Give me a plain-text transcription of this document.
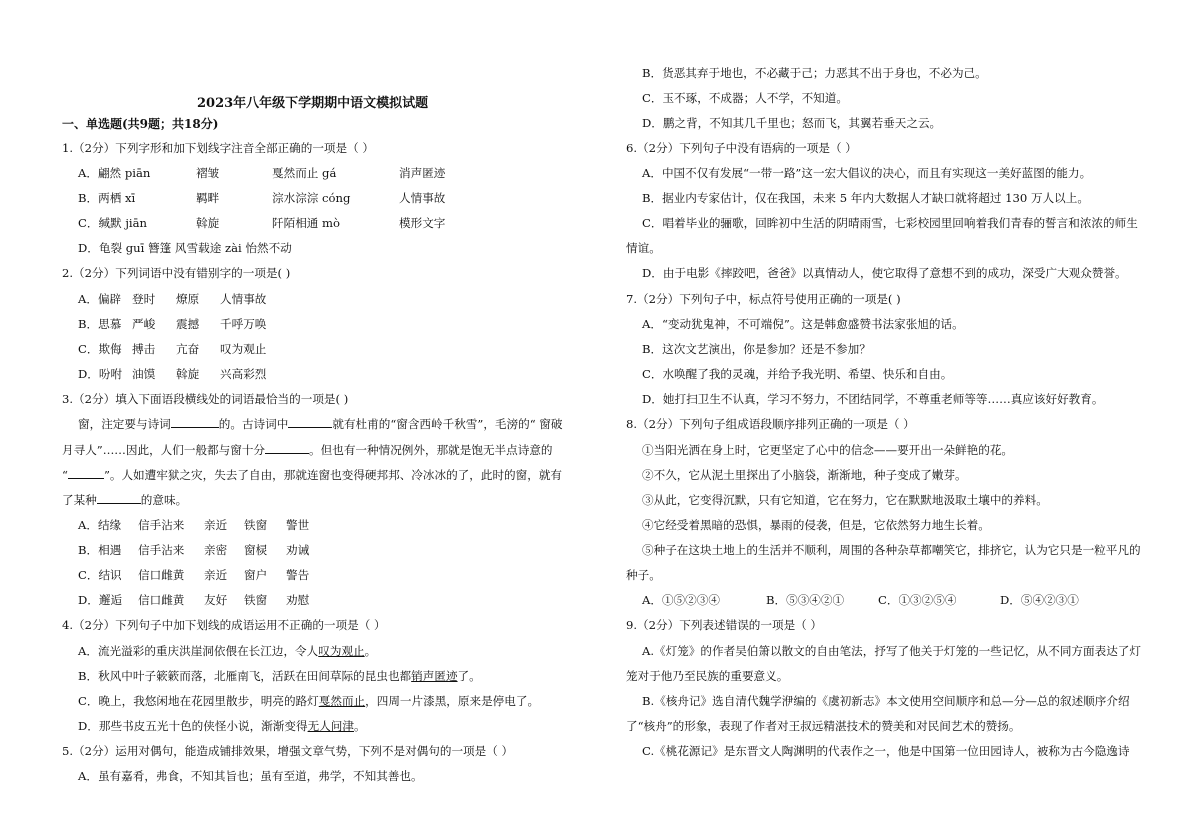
2023年八年级下学期期中语文模拟试题
一、单选题(共9题；共18分)
1.（2分）下列字形和加下划线字注音全部正确的一项是（ ）
A．翩然 piān	褶皱	戛然而止 gá	消声匿迹
B．两栖 xī	羁畔	淙水淙淙 cóng	人情事故
C．缄默 jiān	斡旋	阡陌相通 mò	模形文字
D．龟裂 guī 簪篷 风雪载途 zài 怡然不动
2.（2分）下列词语中没有错别字的一项是( )
A．偏辟 登时 燎原 人情事故
B．思慕 严峻 震撼 千呼万唤
C．欺侮 搏击 亢奋 叹为观止
D．吩咐 油馍 斡旋 兴高彩烈
3.（2分）填入下面语段横线处的词语最恰当的一项是( )
窗，注定要与诗词	的。古诗词中	就有杜甫的“窗含西岭千秋雪”，毛滂的“ 窗破
月寻人”……因此，人们一般都与窗十分	。但也有一种情况例外，那就是饱无半点诗意的
“	”。人如遭牢狱之灾，失去了自由，那就连窗也变得硬邦邦、冷冰冰的了，此时的窗，就有
了某种	的意味。
A．结缘 信手沾来 亲近 铁窗 警世
B．相遇 信手沾来 亲密 窗棂 劝诫
C．结识 信口雌黄 亲近 窗户 警告
D．邂逅 信口雌黄 友好 铁窗 劝慰
4.（2分）下列句子中加下划线的成语运用不正确的一项是（ ）
A．流光溢彩的重庆洪崖洞依偎在长江边，令人叹为观止。
B．秋风中叶子簌簌而落，北雁南飞，活跃在田间草际的昆虫也都销声匿迹了。
C．晚上，我悠闲地在花园里散步，明亮的路灯戛然而止，四周一片漆黑，原来是停电了。
D．那些书皮五光十色的侠怪小说，渐渐变得无人问津。
5.（2分）运用对偶句，能造成铺排效果，增强文章气势，下列不是对偶句的一项是（ ）
A．虽有嘉肴，弗食，不知其旨也；虽有至道，弗学，不知其善也。
B．货恶其弃于地也，不必藏于己；力恶其不出于身也，不必为己。
C．玉不琢，不成器；人不学，不知道。
D．鹏之背，不知其几千里也；怒而飞，其翼若垂天之云。
6.（2分）下列句子中没有语病的一项是（ ）
A．中国不仅有发展“一带一路”这一宏大倡议的决心，而且有实现这一美好蓝图的能力。
B．据业内专家估计，仅在我国，未来 5 年内大数据人才缺口就将超过 130 万人以上。
C．唱着毕业的骊歌，回眸初中生活的阴晴雨雪，七彩校园里回响着我们青春的誓言和浓浓的师生
情谊。
D．由于电影《摔跤吧，爸爸》以真情动人，使它取得了意想不到的成功，深受广大观众赞誉。
7.（2分）下列句子中，标点符号使用正确的一项是( )
A．“变动犹鬼神，不可端倪”。这是韩愈盛赞书法家张旭的话。
B．这次文艺演出，你是参加？还是不参加？
C．水唤醒了我的灵魂，并给予我光明、希望、快乐和自由。
D．她打扫卫生不认真，学习不努力，不团结同学，不尊重老师等等……真应该好好教育。
8.（2分）下列句子组成语段顺序排列正确的一项是（ ）
①当阳光洒在身上时，它更坚定了心中的信念——要开出一朵鲜艳的花。
②不久，它从泥土里探出了小脑袋，渐渐地，种子变成了嫩芽。
③从此，它变得沉默，只有它知道，它在努力，它在默默地汲取土壤中的养料。
④它经受着黑暗的恐惧，暴雨的侵袭，但是，它依然努力地生长着。
⑤种子在这块土地上的生活并不顺利，周围的各种杂草都嘲笑它，排挤它，认为它只是一粒平凡的
种子。
A．①⑤②③④	B．⑤③④②①	C．①③②⑤④	D．⑤④②③①
9.（2分）下列表述错误的一项是（ ）
A.《灯笼》的作者吴伯箫以散文的自由笔法，抒写了他关于灯笼的一些记忆，从不同方面表达了灯
笼对于他乃至民族的重要意义。
B.《核舟记》选自清代魏学洢编的《虞初新志》本文使用空间顺序和总—分—总的叙述顺序介绍
了“核舟”的形象，表现了作者对王叔远精湛技术的赞美和对民间艺术的赞扬。
C.《桃花源记》是东晋文人陶渊明的代表作之一，他是中国第一位田园诗人，被称为古今隐逸诗
